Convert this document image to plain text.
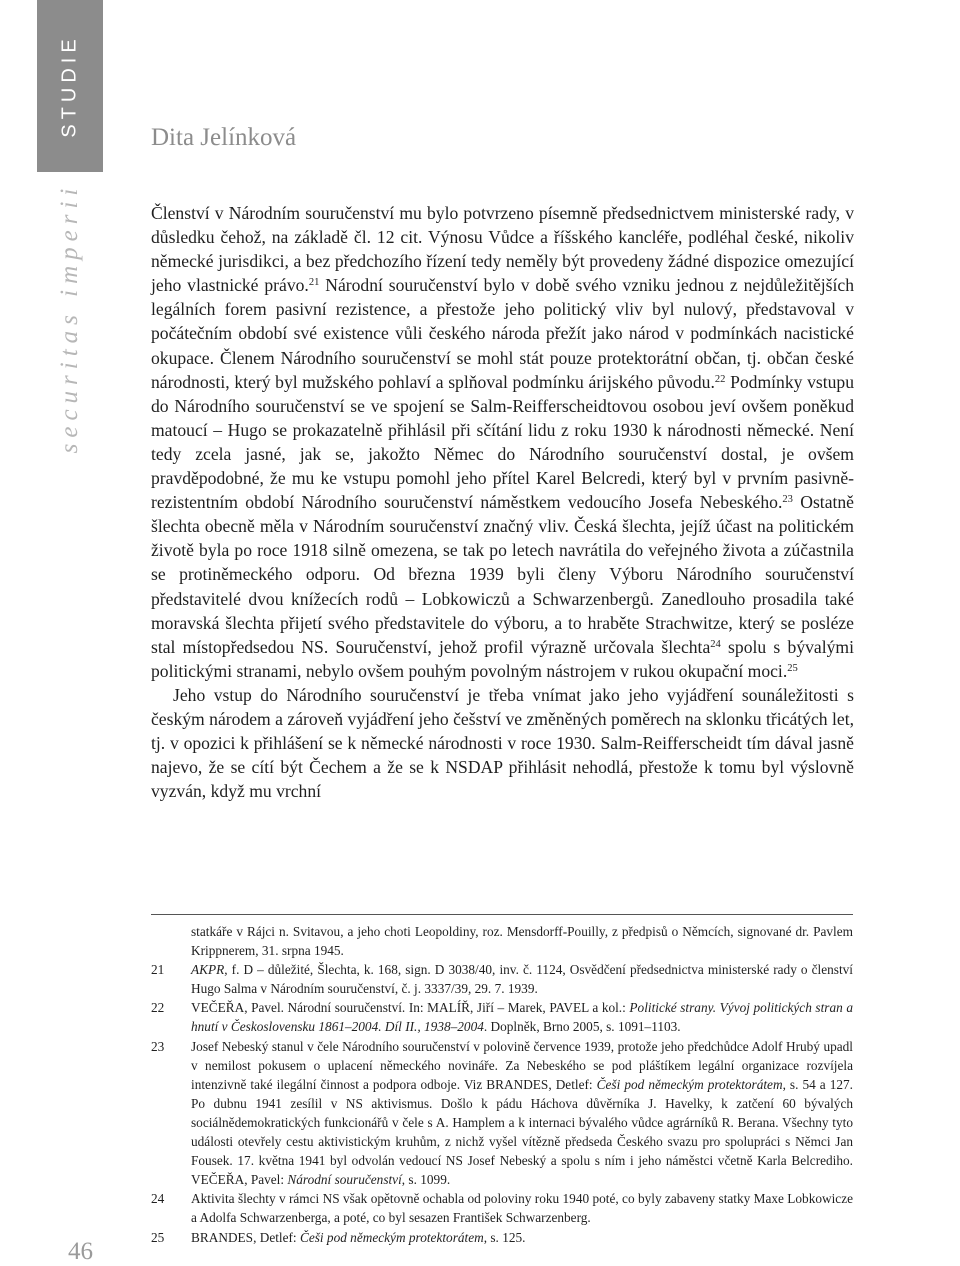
STUDIE
securitas imperii
46
Dita Jelínková

Členství v Národním souručenství mu bylo potvrzeno písemně předsednictvem ministerské rady, v důsledku čehož, na základě čl. 12 cit. Výnosu Vůdce a říšského kancléře, podléhal české, nikoliv německé jurisdikci, a bez předchozího řízení tedy neměly být provedeny žádné dispozice omezující jeho vlastnické právo.$^{21}$ Národní souručenství bylo v době svého vzniku jednou z nejdůležitějších legálních forem pasivní rezistence, a přestože jeho politický vliv byl nulový, představoval v počátečním období své existence vůli českého národa přežít jako národ v podmínkách nacistické okupace. Členem Národního souručenství se mohl stát pouze protektorátní občan, tj. občan české národnosti, který byl mužského pohlaví a splňoval podmínku árijského původu.$^{22}$ Podmínky vstupu do Národního souručenství se ve spojení se Salm-Reifferscheidtovou osobou jeví ovšem poněkud matoucí – Hugo se prokazatelně přihlásil při sčítání lidu z roku 1930 k národnosti německé. Není tedy zcela jasné, jak se, jakožto Němec do Národního souručenství dostal, je ovšem pravděpodobné, že mu ke vstupu pomohl jeho přítel Karel Belcredi, který byl v prvním pasivně-rezistentním období Národního souručenství náměstkem vedoucího Josefa Nebeského.$^{23}$ Ostatně šlechta obecně měla v Národním souručenství značný vliv. Česká šlechta, jejíž účast na politickém životě byla po roce 1918 silně omezena, se tak po letech navrátila do veřejného života a zúčastnila se protiněmeckého odporu. Od března 1939 byli členy Výboru Národního souručenství představitelé dvou knížecích rodů – Lobkowiczů a Schwarzenbergů. Zanedlouho prosadila také moravská šlechta přijetí svého představitele do výboru, a to hraběte Strachwitze, který se posléze stal místopředsedou NS. Souručenství, jehož profil výrazně určovala šlechta$^{24}$ spolu s bývalými politickými stranami, nebylo ovšem pouhým povolným nástrojem v rukou okupační moci.$^{25}$

Jeho vstup do Národního souručenství je třeba vnímat jako jeho vyjádření sounáležitosti s českým národem a zároveň vyjádření jeho češství ve změněných poměrech na sklonku třicátých let, tj. v opozici k přihlášení se k německé národnosti v roce 1930. Salm-Reifferscheidt tím dával jasně najevo, že se cítí být Čechem a že se k NSDAP přihlásit nehodlá, přestože k tomu byl výslovně vyzván, když mu vrchní

statkáře v Rájci n. Svitavou, a jeho choti Leopoldiny, roz. Mensdorff-Pouilly, z předpisů o Němcích, signované dr. Pavlem Krippnerem, 31. srpna 1945.
21	AKPR, f. D – důležité, Šlechta, k. 168, sign. D 3038/40, inv. č. 1124, Osvědčení předsednictva ministerské rady o členství Hugo Salma v Národním souručenství, č. j. 3337/39, 29. 7. 1939.
22	VEČEŘA, Pavel. Národní souručenství. In: MALÍŘ, Jiří – Marek, PAVEL a kol.: Politické strany. Vývoj politických stran a hnutí v Československu 1861–2004. Díl II., 1938–2004. Doplněk, Brno 2005, s. 1091–1103.
23	Josef Nebeský stanul v čele Národního souručenství v polovině července 1939, protože jeho předchůdce Adolf Hrubý upadl v nemilost pokusem o uplacení německého novináře. Za Nebeského se pod pláštíkem legální organizace rozvíjela intenzivně také ilegální činnost a podpora odboje. Viz BRANDES, Detlef: Češi pod německým protektorátem, s. 54 a 127. Po dubnu 1941 zesílil v NS aktivismus. Došlo k pádu Háchova důvěrníka J. Havelky, k zatčení 60 bývalých sociálnědemokratických funkcionářů v čele s A. Hamplem a k internaci bývalého vůdce agrárníků R. Berana. Všechny tyto události otevřely cestu aktivistickým kruhům, z nichž vyšel vítězně předseda Českého svazu pro spolupráci s Němci Jan Fousek. 17. května 1941 byl odvolán vedoucí NS Josef Nebeský a spolu s ním i jeho náměstci včetně Karla Belcrediho. VEČEŘA, Pavel: Národní souručenství, s. 1099.
24	Aktivita šlechty v rámci NS však opětovně ochabla od poloviny roku 1940 poté, co byly zabaveny statky Maxe Lobkowicze a Adolfa Schwarzenberga, a poté, co byl sesazen František Schwarzenberg.
25	BRANDES, Detlef: Češi pod německým protektorátem, s. 125.
